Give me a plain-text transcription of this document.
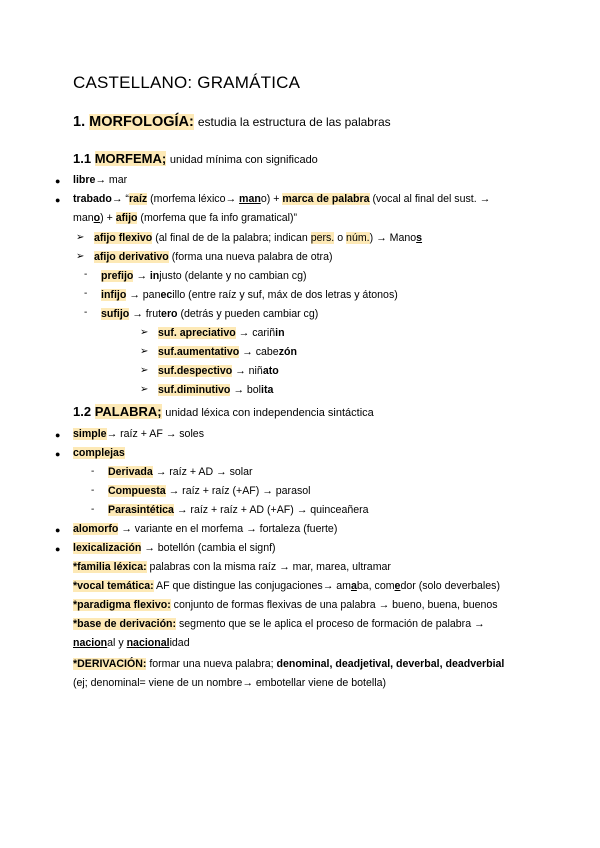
CASTELLANO: GRAMÁTICA
1. MORFOLOGÍA: estudia la estructura de las palabras
1.1 MORFEMA; unidad mínima con significado
● libre→ mar
● trabado→ “raíz (morfema léxico→ mano) + marca de palabra (vocal al final del sust. →
mano) + afijo (morfema que fa info gramatical)”
➢ afijo flexivo (al final de de la palabra; indican pers. o núm.) → Manos
➢ afijo derivativo (forma una nueva palabra de otra)
- prefijo → injusto (delante y no cambian cg)
- infijo → panecillo (entre raíz y suf, máx de dos letras y átonos)
- sufijo → frutero (detrás y pueden cambiar cg)
➢ suf. apreciativo → cariñin
➢ suf.aumentativo → cabezón
➢ suf.despectivo → niñato
➢ suf.diminutivo → bolita
1.2 PALABRA; unidad léxica con independencia sintáctica
● simple→ raíz + AF → soles
● complejas
- Derivada → raíz + AD → solar
- Compuesta → raíz + raíz (+AF) → parasol
- Parasintética → raíz + raíz + AD (+AF) → quinceañera
● alomorfo → variante en el morfema → fortaleza (fuerte)
● lexicalización → botellón (cambia el signf)
*familia léxica: palabras con la misma raíz → mar, marea, ultramar
*vocal temática: AF que distingue las conjugaciones→ amaba, comedor (solo deverbales)
*paradigma flexivo: conjunto de formas flexivas de una palabra → bueno, buena, buenos
*base de derivación: segmento que se le aplica el proceso de formación de palabra →
nacional y nacionalidad
*DERIVACIÓN: formar una nueva palabra; denominal, deadjetival, deverbal, deadverbial
(ej; denominal= viene de un nombre→ embotellar viene de botella)
